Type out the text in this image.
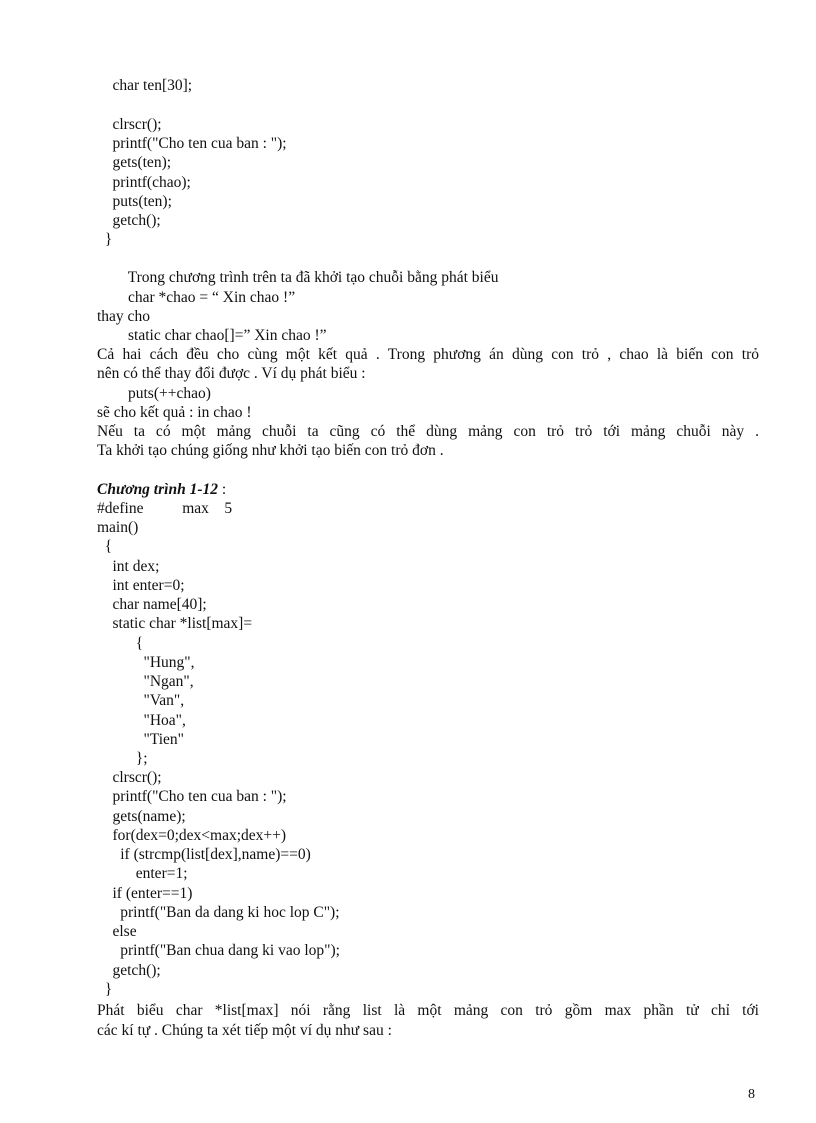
char ten[30];
clrscr();
printf("Cho ten cua ban : ");
gets(ten);
printf(chao);
puts(ten);
getch();
}
Trong chương trình trên ta đã khởi tạo chuỗi bằng phát biểu
char *chao = “ Xin chao !”
thay cho
static char chao[]=” Xin chao !”
Cả hai cách đều cho cùng một kết quả . Trong phương án dùng con trỏ , chao là biến con trỏ
nên có thể thay đổi được . Ví dụ phát biểu :
puts(++chao)
sẽ cho kết quả : in chao !
Nếu ta có một mảng chuỗi ta cũng có thể dùng mảng con trỏ trỏ tới mảng chuỗi này .
Ta khởi tạo chúng giống như khởi tạo biến con trỏ đơn .
Chương trình 1-12 :
#define          max    5
main()
{
int dex;
int enter=0;
char name[40];
static char *list[max]=
{
"Hung",
"Ngan",
"Van",
"Hoa",
"Tien"
};
clrscr();
printf("Cho ten cua ban : ");
gets(name);
for(dex=0;dex<max;dex++)
if (strcmp(list[dex],name)==0)
enter=1;
if (enter==1)
printf("Ban da dang ki hoc lop C");
else
printf("Ban chua dang ki vao lop");
getch();
}
Phát biểu char *list[max] nói rằng list là một mảng con trỏ gồm max phần tử chỉ tới
các kí tự . Chúng ta xét tiếp một ví dụ như sau :
8
